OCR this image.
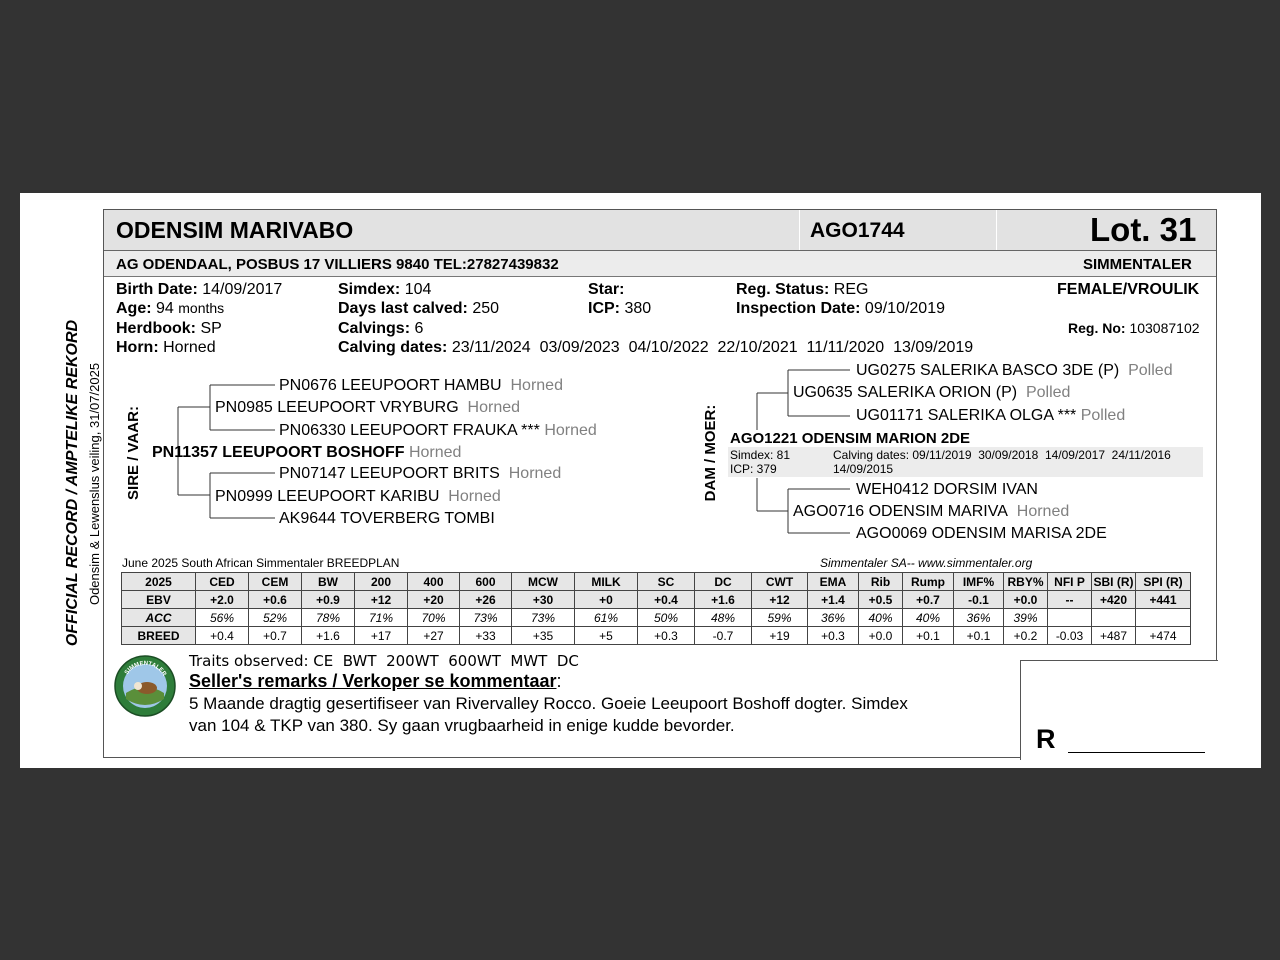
OFFICIAL RECORD / AMPTELIKE REKORD Odensim & Lewenslus veiling, 31/07/2025
ODENSIM MARIVABO	AGO1744	Lot. 31
AG ODENDAAL, POSBUS 17 VILLIERS 9840 TEL:27827439832	SIMMENTALER
Birth Date: 14/09/2017
Age: 94 months
Herdbook: SP
Horn: Horned
Simdex: 104
Days last calved: 250
Calvings: 6
Calving dates: 23/11/2024  03/09/2023  04/10/2022  22/10/2021  11/11/2020  13/09/2019
Star:
ICP: 380
Reg. Status: REG
Inspection Date: 09/10/2019
FEMALE/VROULIK
Reg. No: 103087102
SIRE / VAAR:
PN0676 LEEUPOORT HAMBU Horned
PN0985 LEEUPOORT VRYBURG Horned
PN06330 LEEUPOORT FRAUKA *** Horned
PN11357 LEEUPOORT BOSHOFF Horned
PN07147 LEEUPOORT BRITS Horned
PN0999 LEEUPOORT KARIBU Horned
AK9644 TOVERBERG TOMBI
DAM / MOER:
UG0275 SALERIKA BASCO 3DE (P) Polled
UG0635 SALERIKA ORION (P) Polled
UG01171 SALERIKA OLGA *** Polled
AGO1221 ODENSIM MARION 2DE
Simdex: 81
ICP: 379
Calving dates: 09/11/2019  30/09/2018  14/09/2017  24/11/2016
14/09/2015
WEH0412 DORSIM IVAN
AGO0716 ODENSIM MARIVA Horned
AGO0069 ODENSIM MARISA 2DE
June 2025 South African Simmentaler BREEDPLAN	Simmentaler SA-- www.simmentaler.org
2025	CED	CEM	BW	200	400	600	MCW	MILK	SC	DC	CWT	EMA	Rib	Rump	IMF%	RBY%	NFI P	SBI (R)	SPI (R)
EBV	+2.0	+0.6	+0.9	+12	+20	+26	+30	+0	+0.4	+1.6	+12	+1.4	+0.5	+0.7	-0.1	+0.0	--	+420	+441
ACC	56%	52%	78%	71%	70%	73%	73%	61%	50%	48%	59%	36%	40%	40%	36%	39%			
BREED	+0.4	+0.7	+1.6	+17	+27	+33	+35	+5	+0.3	-0.7	+19	+0.3	+0.0	+0.1	+0.1	+0.2	-0.03	+487	+474
SIMMENTALER
Traits observed: CE  BWT  200WT  600WT  MWT  DC
Seller's remarks / Verkoper se kommentaar:
5 Maande dragtig gesertifiseer van Rivervalley Rocco. Goeie Leeupoort Boshoff dogter. Simdex
van 104 & TKP van 380. Sy gaan vrugbaarheid in enige kudde bevorder.	R
